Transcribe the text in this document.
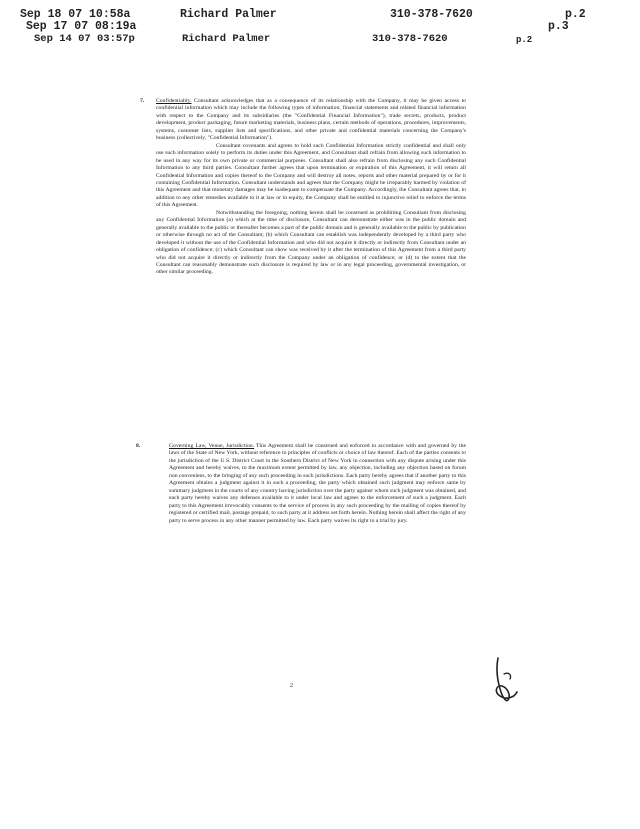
Sep 18 07 10:58a	Richard Palmer	310-378-7620	p.2
Sep 17 07 08:19a	p.3
Sep 14 07 03:57p	Richard Palmer	310-378-7620	p.2
7. Confidentiality. Consultant acknowledges that as a consequence of its relationship with the Company, it may be given access to confidential information which may include the following types of information; financial statements and related financial information with respect to the Company and its subsidiaries (the "Confidential Financial Information"), trade secrets, products, product development, product packaging, future marketing materials, business plans, certain methods of operations, procedures, improvements, systems, customer lists, supplier lists and specifications, and other private and confidential materials concerning the Company's business (collectively, "Confidential Information").

Consultant covenants and agrees to hold such Confidential Information strictly confidential and shall only use such information solely to perform its duties under this Agreement, and Consultant shall refrain from allowing such information to be used in any way for its own private or commercial purposes. Consultant shall also refrain from disclosing any such Confidential Information to any third parties. Consultant further agrees that upon termination or expiration of this Agreement, it will return all Confidential Information and copies thereof to the Company and will destroy all notes, reports and other material prepared by or for it containing Confidential Information. Consultant understands and agrees that the Company might be irreparably harmed by violation of this Agreement and that monetary damages may be inadequate to compensate the Company. Accordingly, the Consultant agrees that, in addition to any other remedies available to it at law or in equity, the Company shall be entitled to injunctive relief to enforce the terms of this Agreement.

Notwithstanding the foregoing, nothing herein shall be construed as prohibiting Consultant from disclosing any Confidential Information (a) which at the time of disclosure, Consultant can demonstrate either was in the public domain and generally available to the public or thereafter becomes a part of the public domain and is generally available to the public by publication or otherwise through no act of the Consultant; (b) which Consultant can establish was independently developed by a third party who developed it without the use of the Confidential Information and who did not acquire it directly or indirectly from Consultant under an obligation of confidence; (c) which Consultant can show was received by it after the termination of this Agreement from a third party who did not acquire it directly or indirectly from the Company under an obligation of confidence; or (d) to the extent that the Consultant can reasonably demonstrate such disclosure is required by law or in any legal proceeding, governmental investigation, or other similar proceeding.

8.	Governing Law, Venue, Jurisdiction. This Agreement shall be construed and enforced in accordance with and governed by the laws of the State of New York, without reference to principles of conflicts or choice of law thereof. Each of the parties consents to the jurisdiction of the U.S. District Court in the Southern District of New York in connection with any dispute arising under this Agreement and hereby waives, to the maximum extent permitted by law, any objection, including any objection based on forum non conveniens, to the bringing of any such proceeding in such jurisdictions. Each party hereby agrees that if another party to this Agreement obtains a judgment against it in such a proceeding, the party which obtained such judgment may enforce same by summary judgment in the courts of any country having jurisdiction over the party against whom such judgment was obtained, and each party hereby waives any defenses available to it under local law and agrees to the enforcement of such a judgment. Each party to this Agreement irrevocably consents to the service of process in any such proceeding by the mailing of copies thereof by registered or certified mail, postage prepaid, to such party at it address set forth herein. Nothing herein shall affect the right of any party to serve process in any other manner permitted by law. Each party waives its right to a trial by jury.

2
